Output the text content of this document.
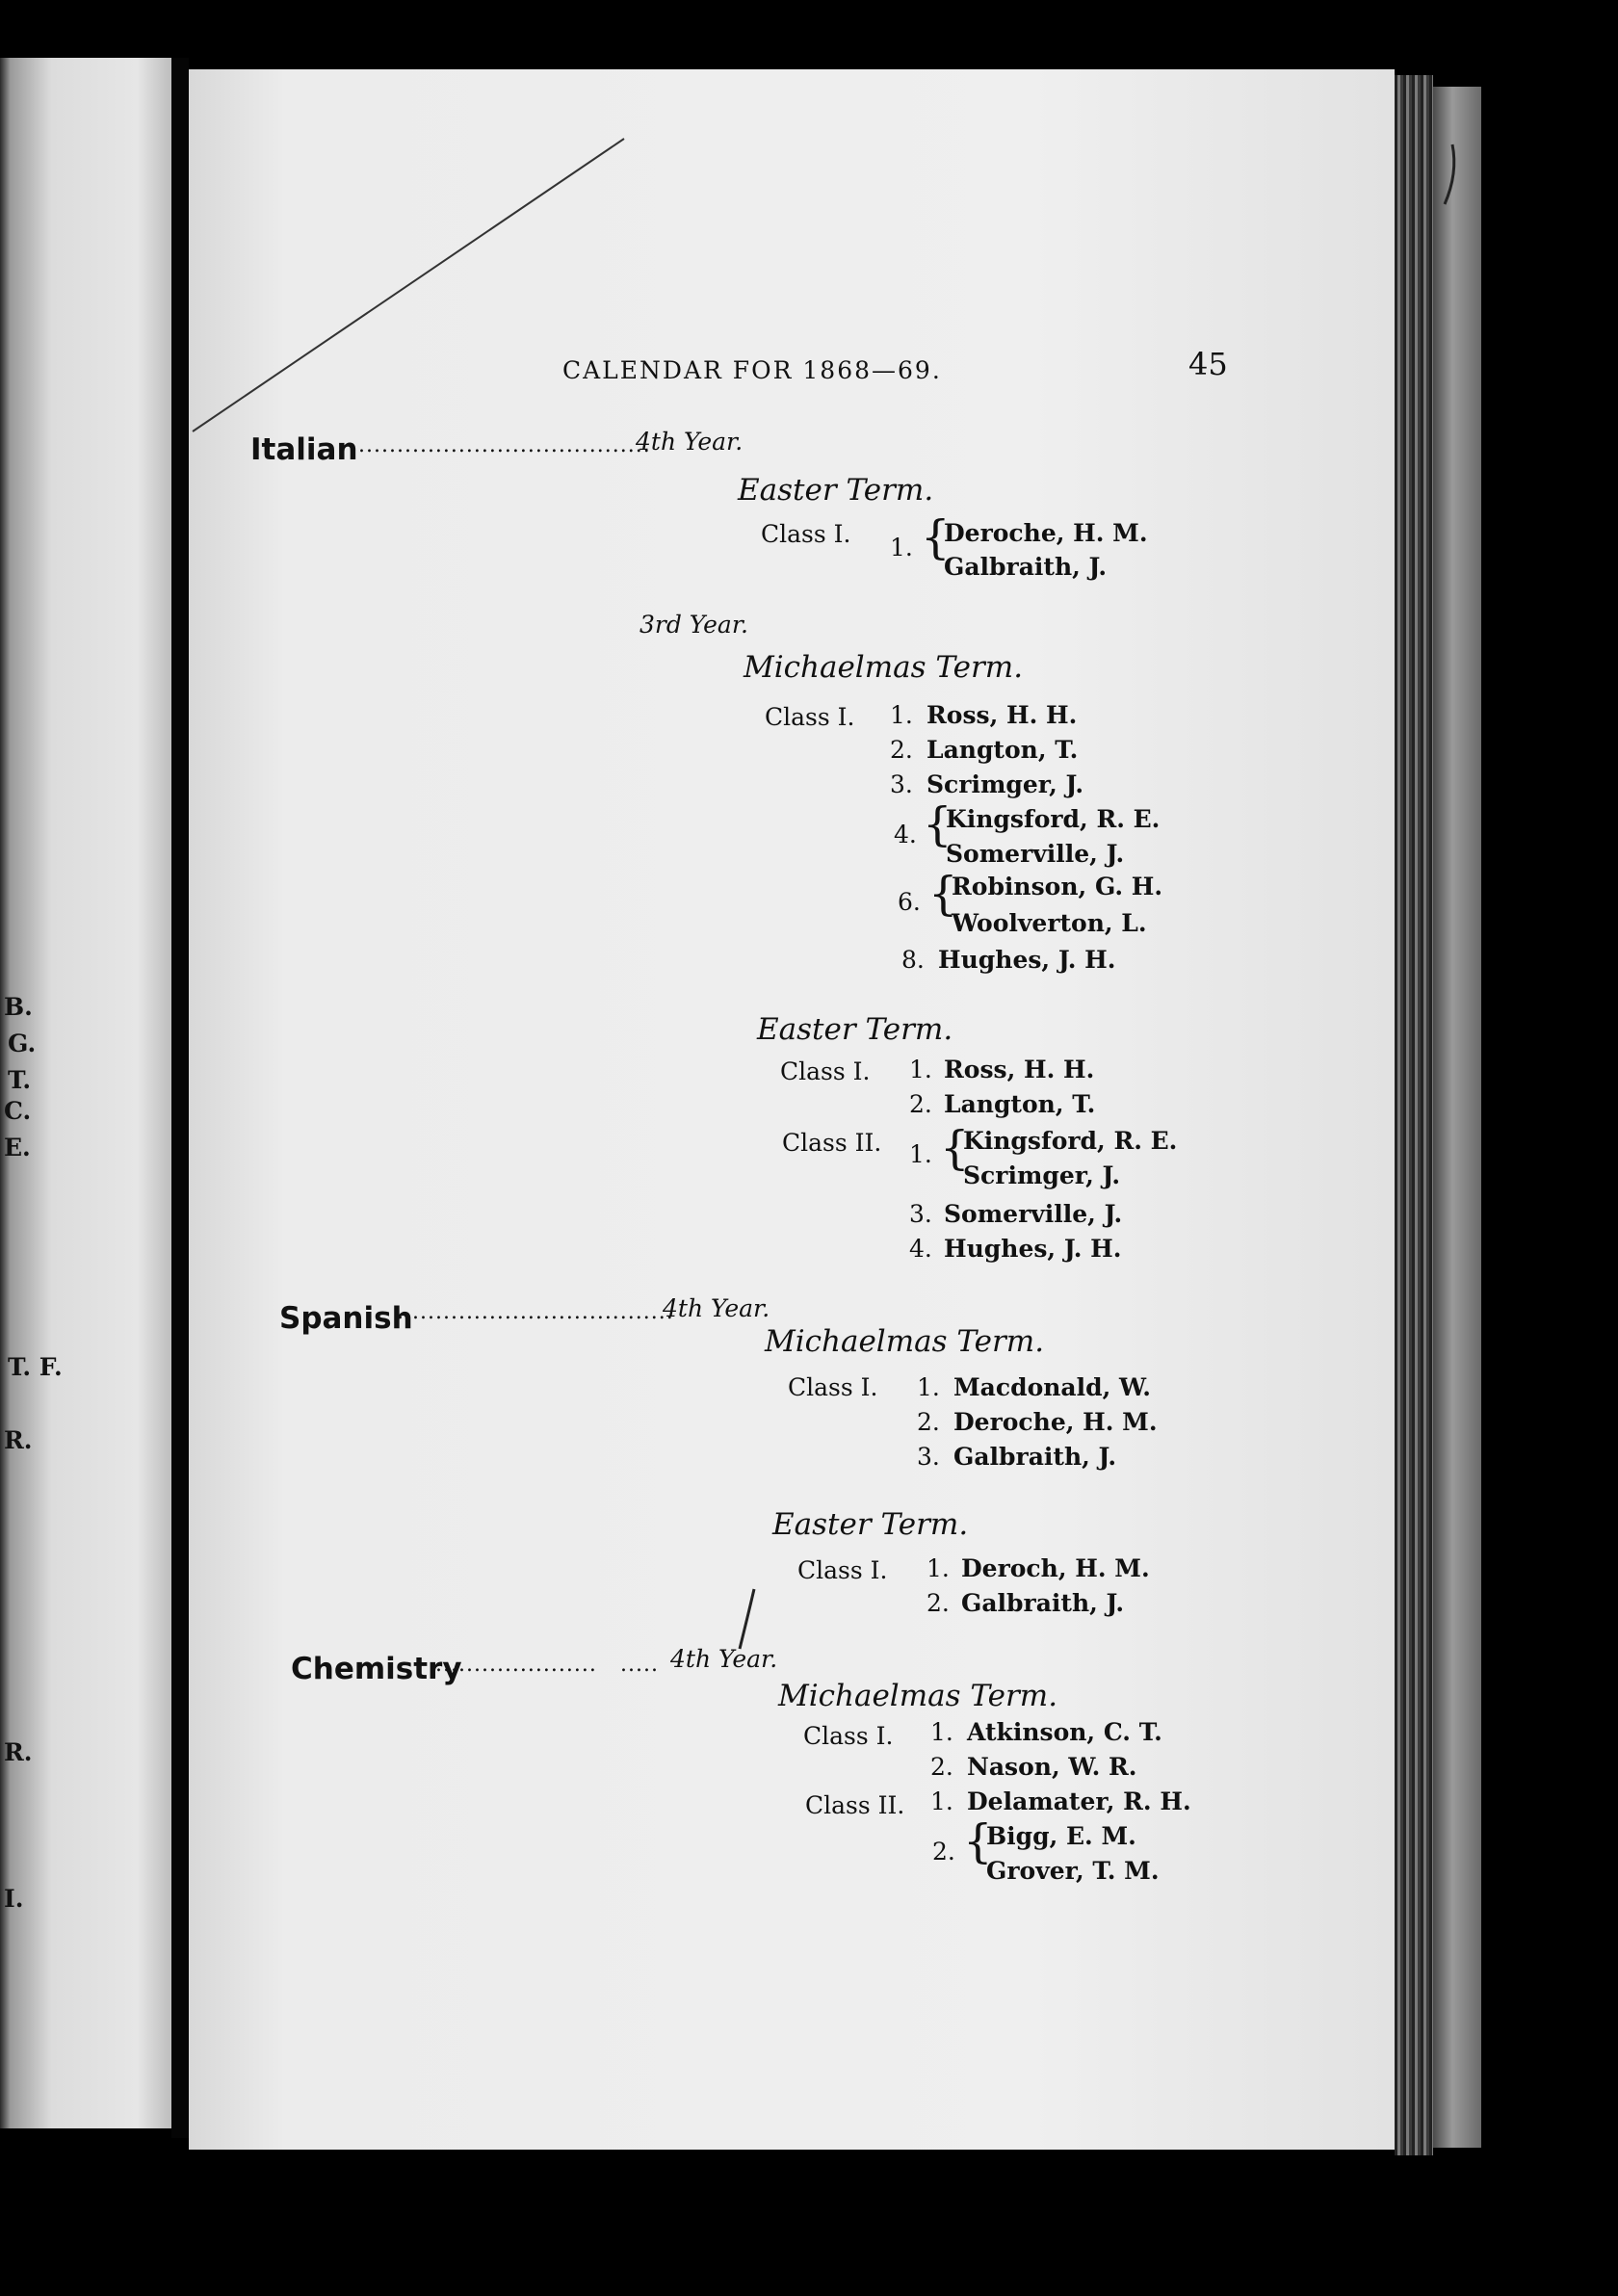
B.
G.
T.
C.
E.
T. F.
R.
R.
I.
CALENDAR FOR 1868—69.	45
Italian ......................................
4th Year.
Easter Term.
Class I. 1. {
Deroche, H. M.
Galbraith, J.
3rd Year.
Michaelmas Term.
Class I. 1. Ross, H. H.
2. Langton, T.
3. Scrimger, J.
4. {
Kingsford, R. E.
Somerville, J.
6. {
Robinson, G. H.
Woolverton, L.
8. Hughes, J. H.
Easter Term.
Class I. 1. Ross, H. H.
2. Langton, T.
Class II. 1. {
Kingsford, R. E.
Scrimger, J.
3. Somerville, J.
4. Hughes, J. H.
Spanish
....................................
4th Year.
Michaelmas Term.
Class I. 1. Macdonald, W.
2. Deroche, H. M.
3. Galbraith, J.
Easter Term.
Class I. 1. Deroch, H. M.
2. Galbraith, J.
Chemistry
..................... ..... 4th Year.
Michaelmas Term.
Class I. 1. Atkinson, C. T.
2. Nason, W. R.
Class II. 1. Delamater, R. H.
2. {
Bigg, E. M.
Grover, T. M.
